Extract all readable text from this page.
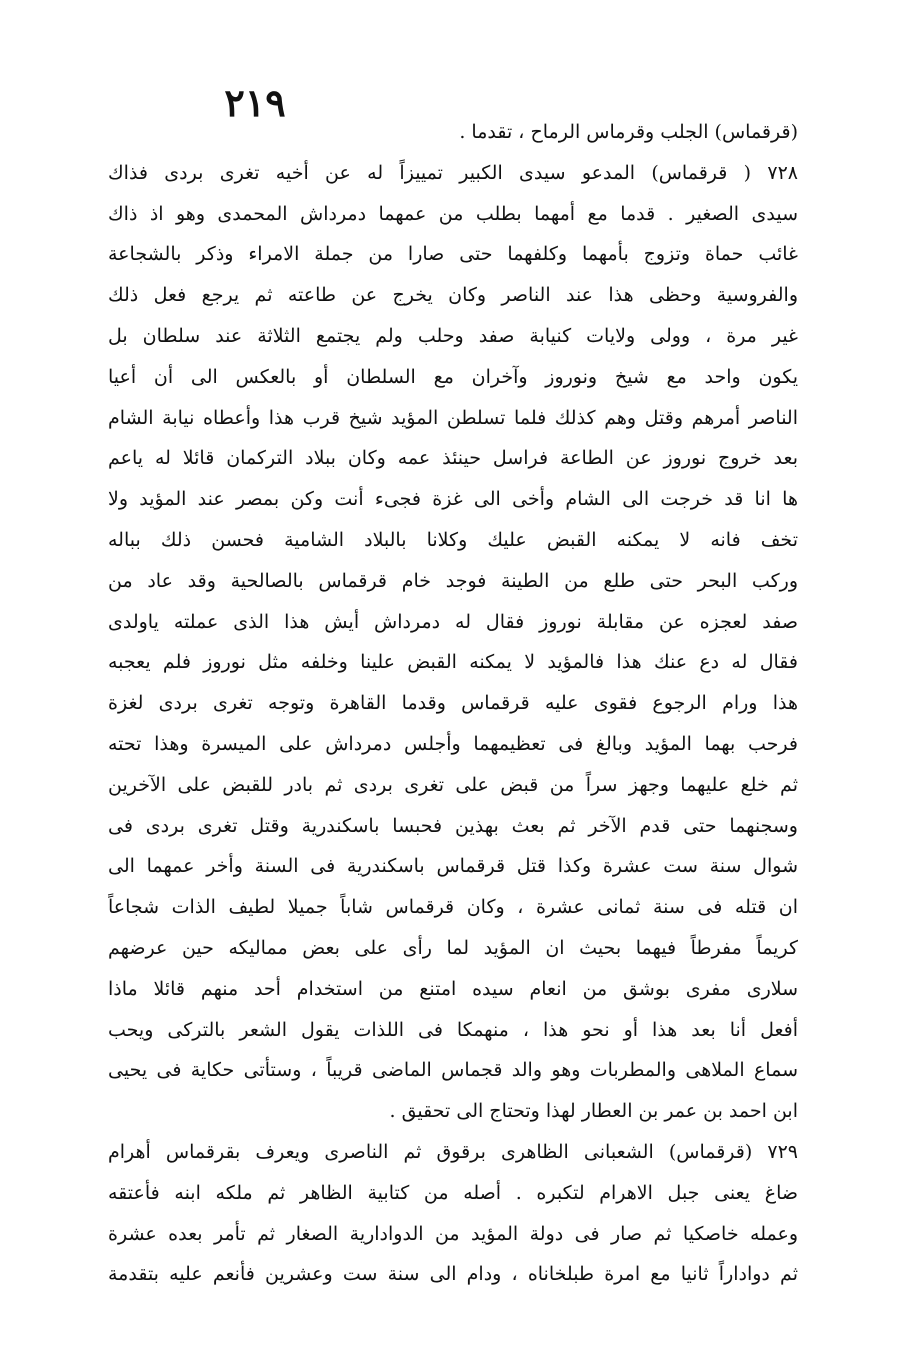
٢١٩
(قرقماس) الجلب وقرماس الرماح ، تقدما .
٧٢٨ ( قرقماس) المدعو سيدى الكبير تمييزاً له عن أخيه تغرى بردى فذاك
سيدى الصغير . قدما مع أمهما بطلب من عمهما دمرداش المحمدى وهو اذ ذاك
غائب حماة وتزوج بأمهما وكلفهما حتى صارا من جملة الامراء وذكر بالشجاعة
والفروسية وحظى هذا عند الناصر وكان يخرج عن طاعته ثم يرجع فعل ذلك
غير مرة ، وولى ولايات كنيابة صفد وحلب ولم يجتمع الثلاثة عند سلطان بل
يكون واحد مع شيخ ونوروز وآخران مع السلطان أو بالعكس الى أن أعيا
الناصر أمرهم وقتل وهم كذلك فلما تسلطن المؤيد شيخ قرب هذا وأعطاه نيابة الشام
بعد خروج نوروز عن الطاعة فراسل حينئذ عمه وكان ببلاد التركمان قائلا له ياعم
ها انا قد خرجت الى الشام وأخى الى غزة فجىء أنت وكن بمصر عند المؤيد ولا
تخف فانه لا يمكنه القبض عليك وكلانا بالبلاد الشامية فحسن ذلك بباله
وركب البحر حتى طلع من الطينة فوجد خام قرقماس بالصالحية وقد عاد من
صفد لعجزه عن مقابلة نوروز فقال له دمرداش أيش هذا الذى عملته ياولدى
فقال له دع عنك هذا فالمؤيد لا يمكنه القبض علينا وخلفه مثل نوروز فلم يعجبه
هذا ورام الرجوع فقوى عليه قرقماس وقدما القاهرة وتوجه تغرى بردى لغزة
فرحب بهما المؤيد وبالغ فى تعظيمهما وأجلس دمرداش على الميسرة وهذا تحته
ثم خلع عليهما وجهز سراً من قبض على تغرى بردى ثم بادر للقبض على الآخرين
وسجنهما حتى قدم الآخر ثم بعث بهذين فحبسا باسكندرية وقتل تغرى بردى فى
شوال سنة ست عشرة وكذا قتل قرقماس باسكندرية فى السنة وأخر عمهما الى
ان قتله فى سنة ثمانى عشرة ، وكان قرقماس شاباً جميلا لطيف الذات شجاعاً
كريماً مفرطاً فيهما بحيث ان المؤيد لما رأى على بعض مماليكه حين عرضهم
سلارى مفرى بوشق من انعام سيده امتنع من استخدام أحد منهم قائلا ماذا
أفعل أنا بعد هذا أو نحو هذا ، منهمكا فى اللذات يقول الشعر بالتركى ويحب
سماع الملاهى والمطربات وهو والد قجماس الماضى قريباً ، وستأتى حكاية فى يحيى
ابن احمد بن عمر بن العطار لهذا وتحتاج الى تحقيق .
٧٢٩ (قرقماس) الشعبانى الظاهرى برقوق ثم الناصرى ويعرف بقرقماس أهرام
ضاغ يعنى جبل الاهرام لتكبره . أصله من كتابية الظاهر ثم ملكه ابنه فأعتقه
وعمله خاصكيا ثم صار فى دولة المؤيد من الدوادارية الصغار ثم تأمر بعده عشرة
ثم دواداراً ثانيا مع امرة طبلخاناه ، ودام الى سنة ست وعشرين فأنعم عليه بتقدمة
